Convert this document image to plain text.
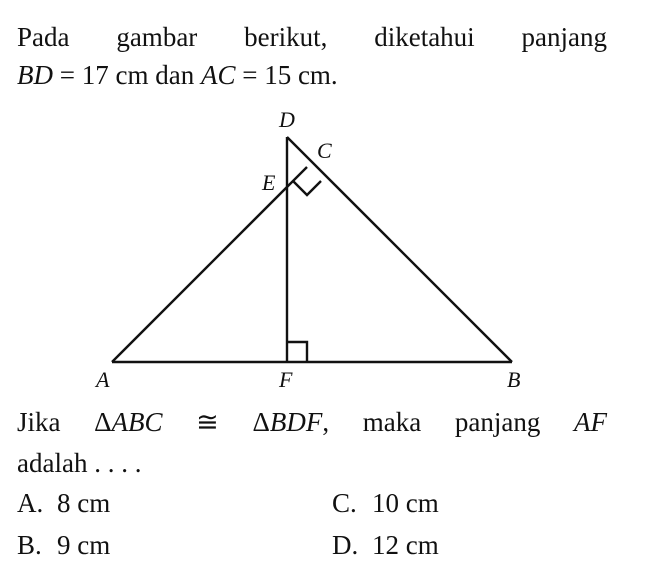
Pada gambar berikut, diketahui panjang
BD = 17 cm dan AC = 15 cm.
D
C
E
A	F	B
Jika ΔABC ≅ ΔBDF, maka panjang AF
adalah . . . .
A. 8 cm	C. 10 cm
B. 9 cm	D. 12 cm
